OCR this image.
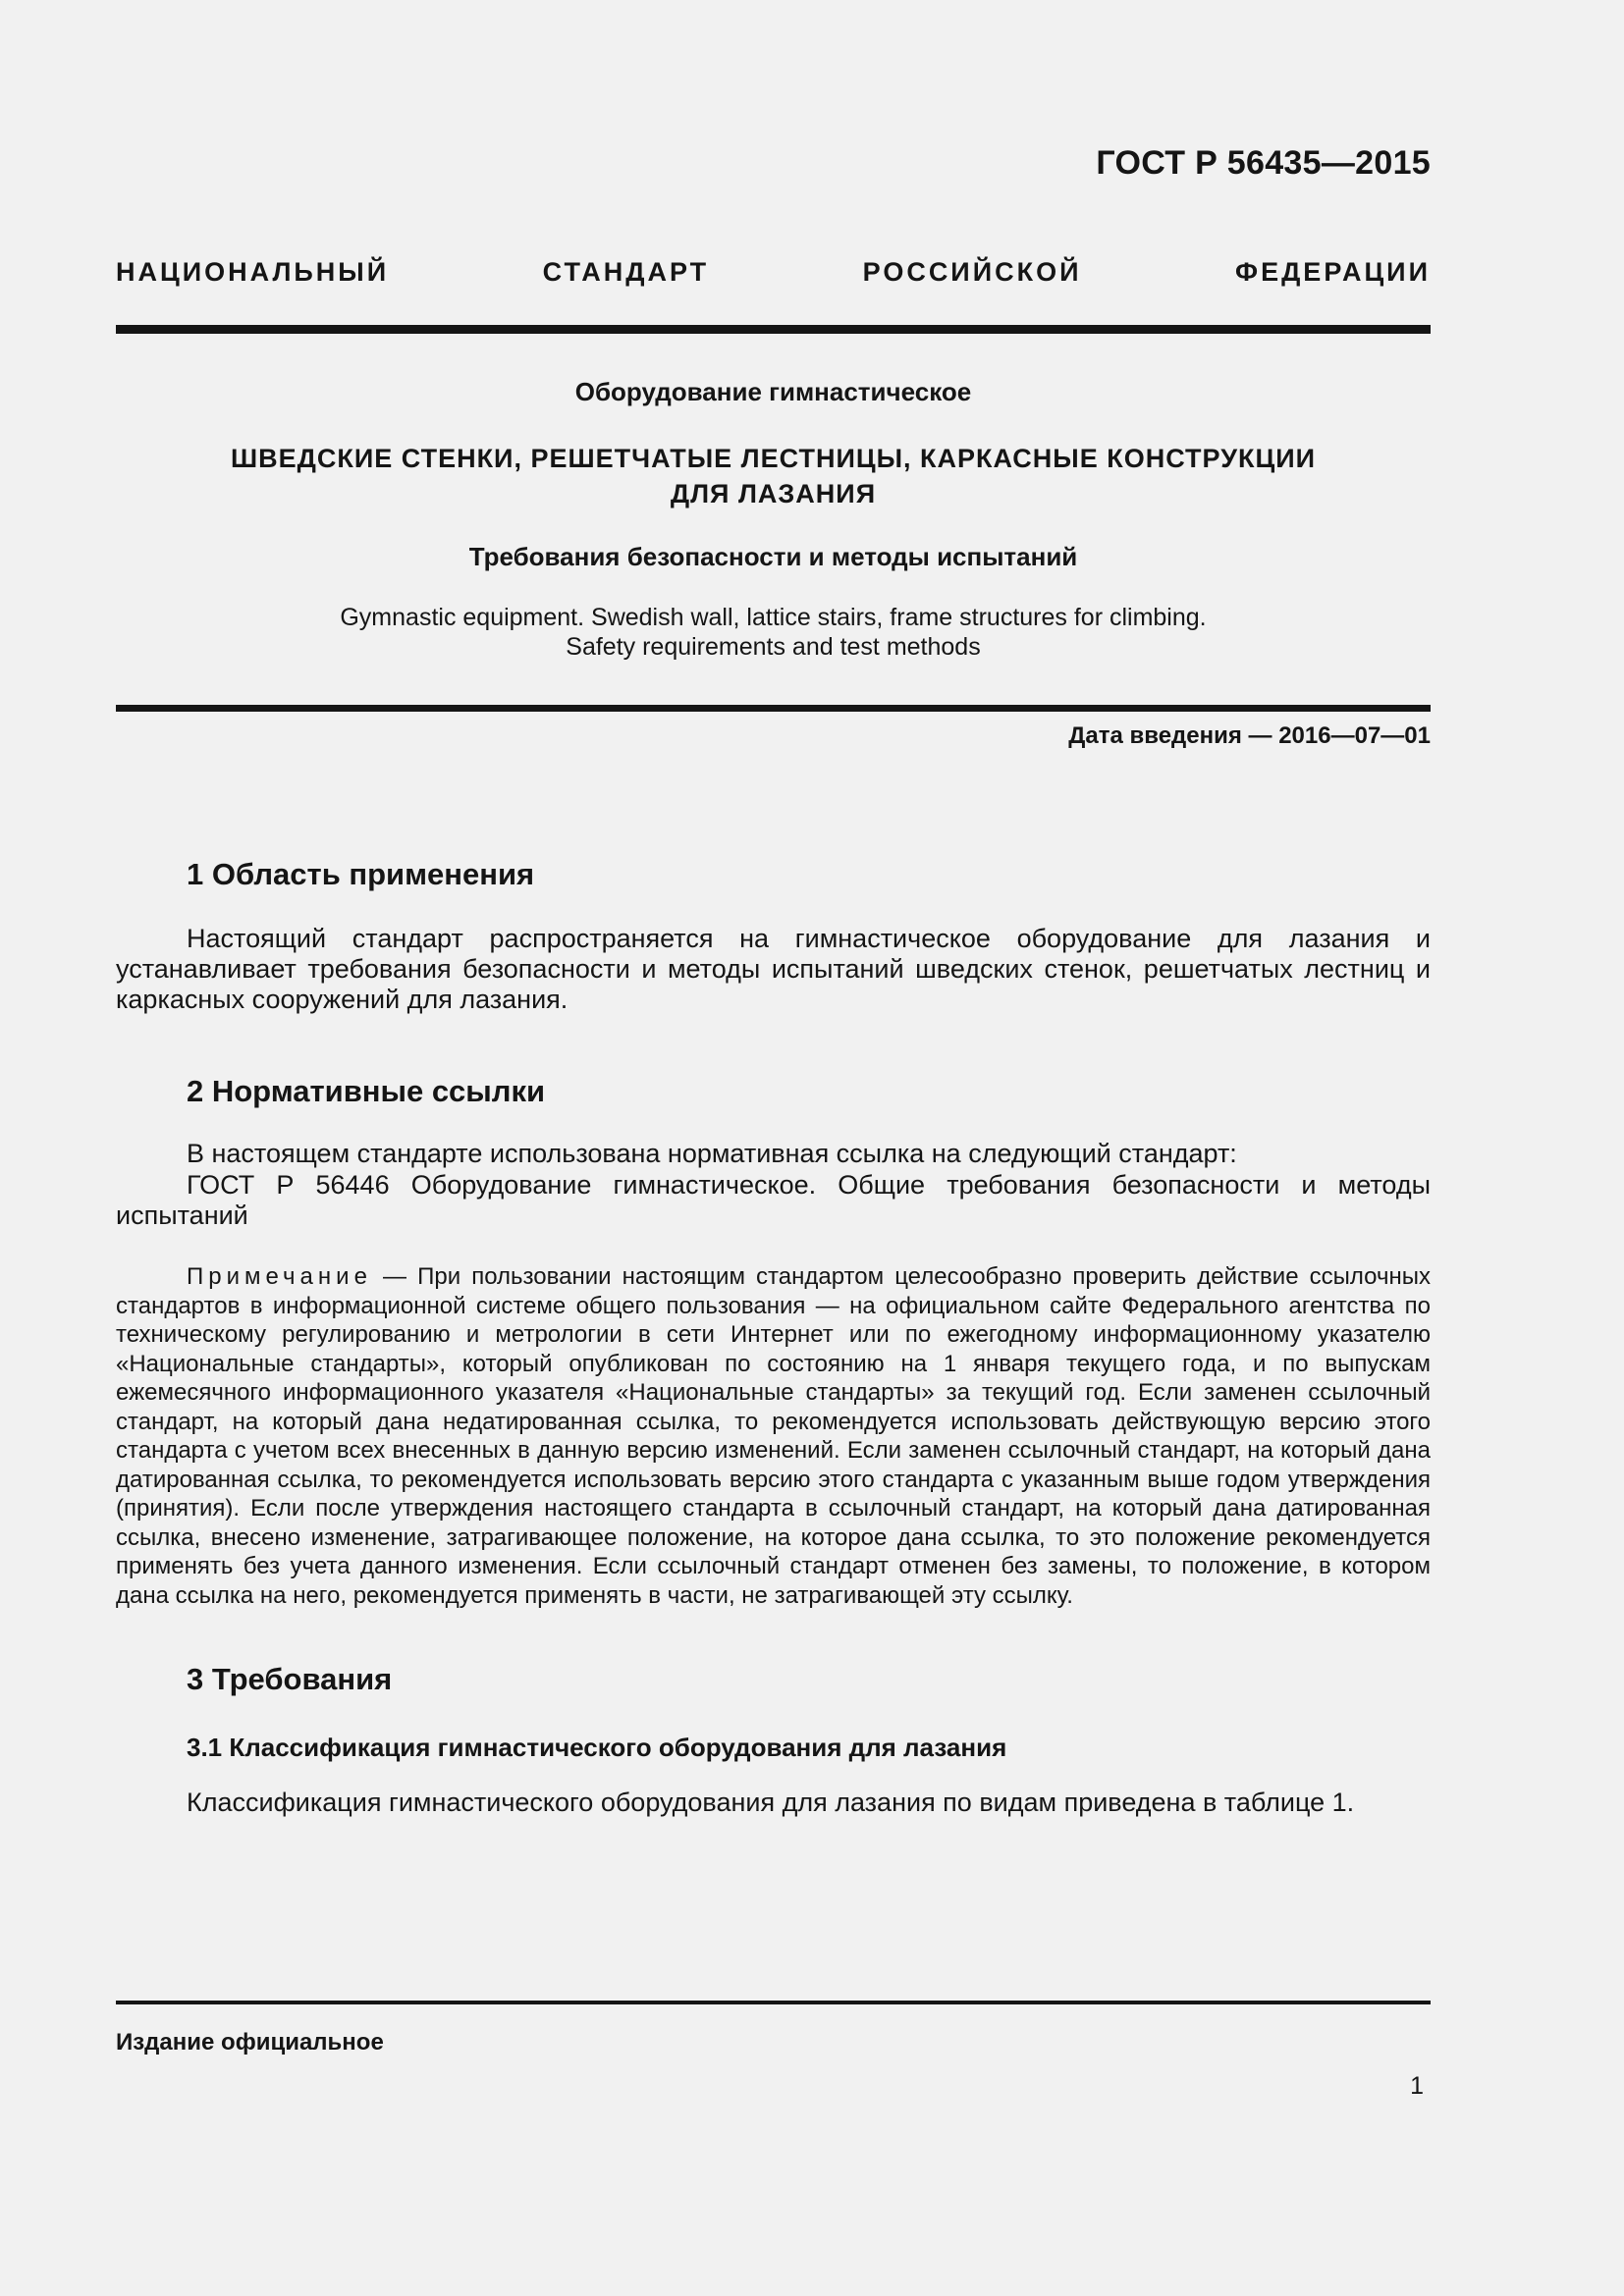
ГОСТ Р 56435—2015
НАЦИОНАЛЬНЫЙ СТАНДАРТ РОССИЙСКОЙ ФЕДЕРАЦИИ
Оборудование гимнастическое
ШВЕДСКИЕ СТЕНКИ, РЕШЕТЧАТЫЕ ЛЕСТНИЦЫ, КАРКАСНЫЕ КОНСТРУКЦИИ
ДЛЯ ЛАЗАНИЯ
Требования безопасности и методы испытаний
Gymnastic equipment. Swedish wall, lattice stairs, frame structures for climbing.
Safety requirements and test methods
Дата введения — 2016—07—01
1 Область применения

Настоящий стандарт распространяется на гимнастическое оборудование для лазания и устанавливает требования безопасности и методы испытаний шведских стенок, решетчатых лестниц и каркасных сооружений для лазания.

2 Нормативные ссылки

В настоящем стандарте использована нормативная ссылка на следующий стандарт:

ГОСТ Р 56446 Оборудование гимнастическое. Общие требования безопасности и методы испытаний

Примечание — При пользовании настоящим стандартом целесообразно проверить действие ссылочных стандартов в информационной системе общего пользования — на официальном сайте Федерального агентства по техническому регулированию и метрологии в сети Интернет или по ежегодному информационному указателю «Национальные стандарты», который опубликован по состоянию на 1 января текущего года, и по выпускам ежемесячного информационного указателя «Национальные стандарты» за текущий год. Если заменен ссылочный стандарт, на который дана недатированная ссылка, то рекомендуется использовать действующую версию этого стандарта с учетом всех внесенных в данную версию изменений. Если заменен ссылочный стандарт, на который дана датированная ссылка, то рекомендуется использовать версию этого стандарта с указанным выше годом утверждения (принятия). Если после утверждения настоящего стандарта в ссылочный стандарт, на который дана датированная ссылка, внесено изменение, затрагивающее положение, на которое дана ссылка, то это положение рекомендуется применять без учета данного изменения. Если ссылочный стандарт отменен без замены, то положение, в котором дана ссылка на него, рекомендуется применять в части, не затрагивающей эту ссылку.

3 Требования
3.1 Классификация гимнастического оборудования для лазания

Классификация гимнастического оборудования для лазания по видам приведена в таблице 1.

Издание официальное
1
